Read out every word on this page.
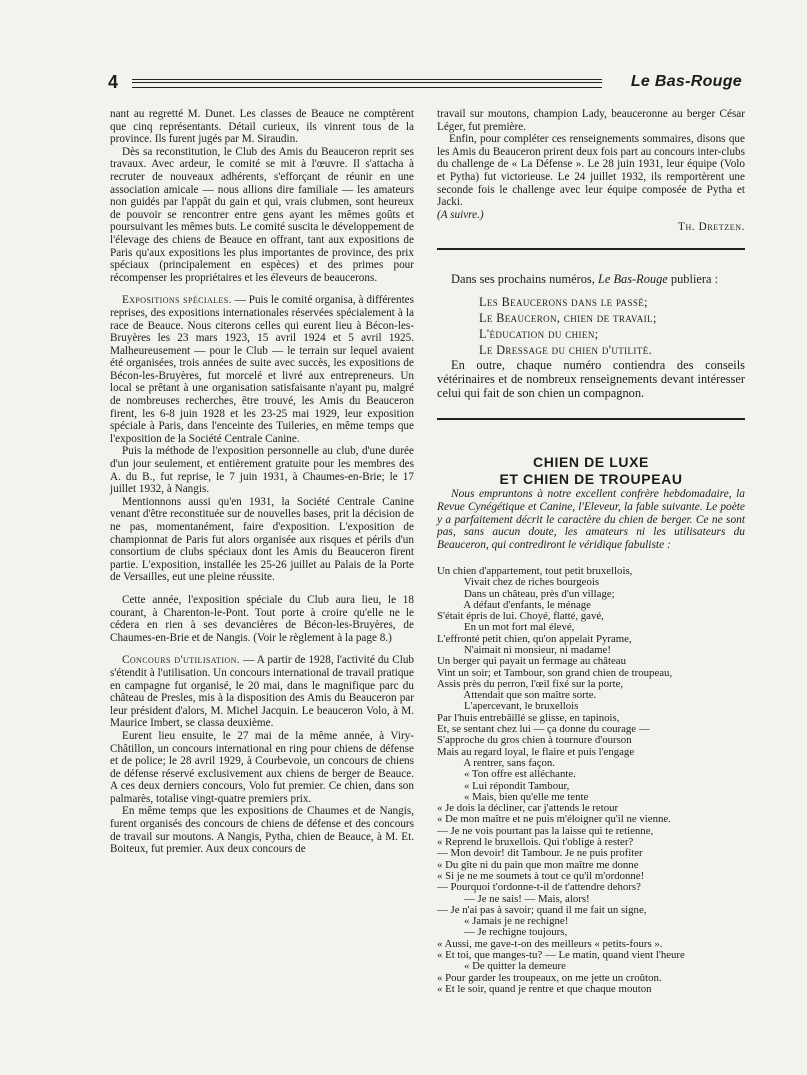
4	Le Bas-Rouge

nant au regretté M. Dunet. Les classes de Beauce ne comptèrent que cinq représentants. Détail curieux, ils vinrent tous de la province. Ils furent jugés par M. Siraudin.

Dès sa reconstitution, le Club des Amis du Beauceron reprit ses travaux. Avec ardeur, le comité se mit à l'œuvre. Il s'attacha à recruter de nouveaux adhérents, s'efforçant de réunir en une association amicale — nous allions dire familiale — les amateurs non guidés par l'appât du gain et qui, vrais clubmen, sont heureux de pouvoir se rencontrer entre gens ayant les mêmes goûts et poursuivant les mêmes buts. Le comité suscita le développement de l'élevage des chiens de Beauce en offrant, tant aux expositions de Paris qu'aux expositions les plus importantes de province, des prix spéciaux (principalement en espèces) et des primes pour récompenser les propriétaires et les éleveurs de beaucerons.

Expositions spéciales. — Puis le comité organisa, à différentes reprises, des expositions internationales réservées spécialement à la race de Beauce. Nous citerons celles qui eurent lieu à Bécon-les-Bruyères les 23 mars 1923, 15 avril 1924 et 5 avril 1925. Malheureusement — pour le Club — le terrain sur lequel avaient été organisées, trois années de suite avec succès, les expositions de Bécon-les-Bruyères, fut morcelé et livré aux entrepreneurs. Un local se prêtant à une organisation satisfaisante n'ayant pu, malgré de nombreuses recherches, être trouvé, les Amis du Beauceron firent, les 6-8 juin 1928 et les 23-25 mai 1929, leur exposition spéciale à Paris, dans l'enceinte des Tuileries, en même temps que l'exposition de la Société Centrale Canine.

Puis la méthode de l'exposition personnelle au club, d'une durée d'un jour seulement, et entièrement gratuite pour les membres des A. du B., fut reprise, le 7 juin 1931, à Chaumes-en-Brie; le 17 juillet 1932, à Nangis.

Mentionnons aussi qu'en 1931, la Société Centrale Canine venant d'être reconstituée sur de nouvelles bases, prit la décision de ne pas, momentanément, faire d'exposition. L'exposition de championnat de Paris fut alors organisée aux risques et périls d'un consortium de clubs spéciaux dont les Amis du Beauceron firent partie. L'exposition, installée les 25-26 juillet au Palais de la Porte de Versailles, eut une pleine réussite.

Cette année, l'exposition spéciale du Club aura lieu, le 18 courant, à Charenton-le-Pont. Tout porte à croire qu'elle ne le cédera en rien à ses devancières de Bécon-les-Bruyères, de Chaumes-en-Brie et de Nangis. (Voir le règlement à la page 8.)

Concours d'utilisation. — A partir de 1928, l'activité du Club s'étendit à l'utilisation. Un concours international de travail pratique en campagne fut organisé, le 20 mai, dans le magnifique parc du château de Presles, mis à la disposition des Amis du Beauceron par leur président d'alors, M. Michel Jacquin. Le beauceron Volo, à M. Maurice Imbert, se classa deuxième.

Eurent lieu ensuite, le 27 mai de la même année, à Viry-Châtillon, un concours international en ring pour chiens de défense et de police; le 28 avril 1929, à Courbevoie, un concours de chiens de défense réservé exclusivement aux chiens de berger de Beauce. A ces deux derniers concours, Volo fut premier. Ce chien, dans son palmarès, totalise vingt-quatre premiers prix.

En même temps que les expositions de Chaumes et de Nangis, furent organisés des concours de chiens de défense et des concours de travail sur moutons. A Nangis, Pytha, chien de Beauce, à M. Et. Boiteux, fut premier. Aux deux concours de

travail sur moutons, champion Lady, beauceronne au berger César Léger, fut première.

Enfin, pour compléter ces renseignements sommaires, disons que les Amis du Beauceron prirent deux fois part au concours inter-clubs du challenge de « La Défense ». Le 28 juin 1931, leur équipe (Volo et Pytha) fut victorieuse. Le 24 juillet 1932, ils remportèrent une seconde fois le challenge avec leur équipe composée de Pytha et Jacki.

(A suivre.)

Th. Dretzen.

Dans ses prochains numéros, Le Bas-Rouge publiera :

Les Beaucerons dans le passé;
Le Beauceron, chien de travail;
L'éducation du chien;
Le Dressage du chien d'utilité.

En outre, chaque numéro contiendra des conseils vétérinaires et de nombreux renseignements devant intéresser celui qui fait de son chien un compagnon.

CHIEN DE LUXE
ET CHIEN DE TROUPEAU

Nous empruntons à notre excellent confrère hebdomadaire, la Revue Cynégétique et Canine, l'Eleveur, la fable suivante. Le poète y a parfaitement décrit le caractère du chien de berger. Ce ne sont pas, sans aucun doute, les amateurs ni les utilisateurs du Beauceron, qui contrediront le véridique fabuliste :

Un chien d'appartement, tout petit bruxellois,
Vivait chez de riches bourgeois
Dans un château, près d'un village;
A défaut d'enfants, le ménage
S'était épris de lui. Choyé, flatté, gavé,
En un mot fort mal élevé,
L'effronté petit chien, qu'on appelait Pyrame,
N'aimait ni monsieur, ni madame!
Un berger qui payait un fermage au château
Vint un soir; et Tambour, son grand chien de troupeau,
Assis près du perron, l'œil fixé sur la porte,
Attendait que son maître sorte.
L'apercevant, le bruxellois
Par l'huis entrebâillé se glisse, en tapinois,
Et, se sentant chez lui — ça donne du courage —
S'approche du gros chien à tournure d'ourson
Mais au regard loyal, le flaire et puis l'engage
A rentrer, sans façon.
« Ton offre est alléchante.
« Lui répondit Tambour,
« Mais, bien qu'elle me tente
« Je dois la décliner, car j'attends le retour
« De mon maître et ne puis m'éloigner qu'il ne vienne.
— Je ne vois pourtant pas la laisse qui te retienne,
« Reprend le bruxellois. Qui t'oblige à rester?
— Mon devoir! dit Tambour. Je ne puis profiter
« Du gîte ni du pain que mon maître me donne
« Si je ne me soumets à tout ce qu'il m'ordonne!
— Pourquoi t'ordonne-t-il de t'attendre dehors?
— Je ne sais! — Mais, alors!
— Je n'ai pas à savoir; quand il me fait un signe,
« Jamais je ne rechigne!
— Je rechigne toujours,
« Aussi, me gave-t-on des meilleurs « petits-fours ».
« Et toi, que manges-tu? — Le matin, quand vient l'heure
« De quitter la demeure
« Pour garder les troupeaux, on me jette un croûton.
« Et le soir, quand je rentre et que chaque mouton
